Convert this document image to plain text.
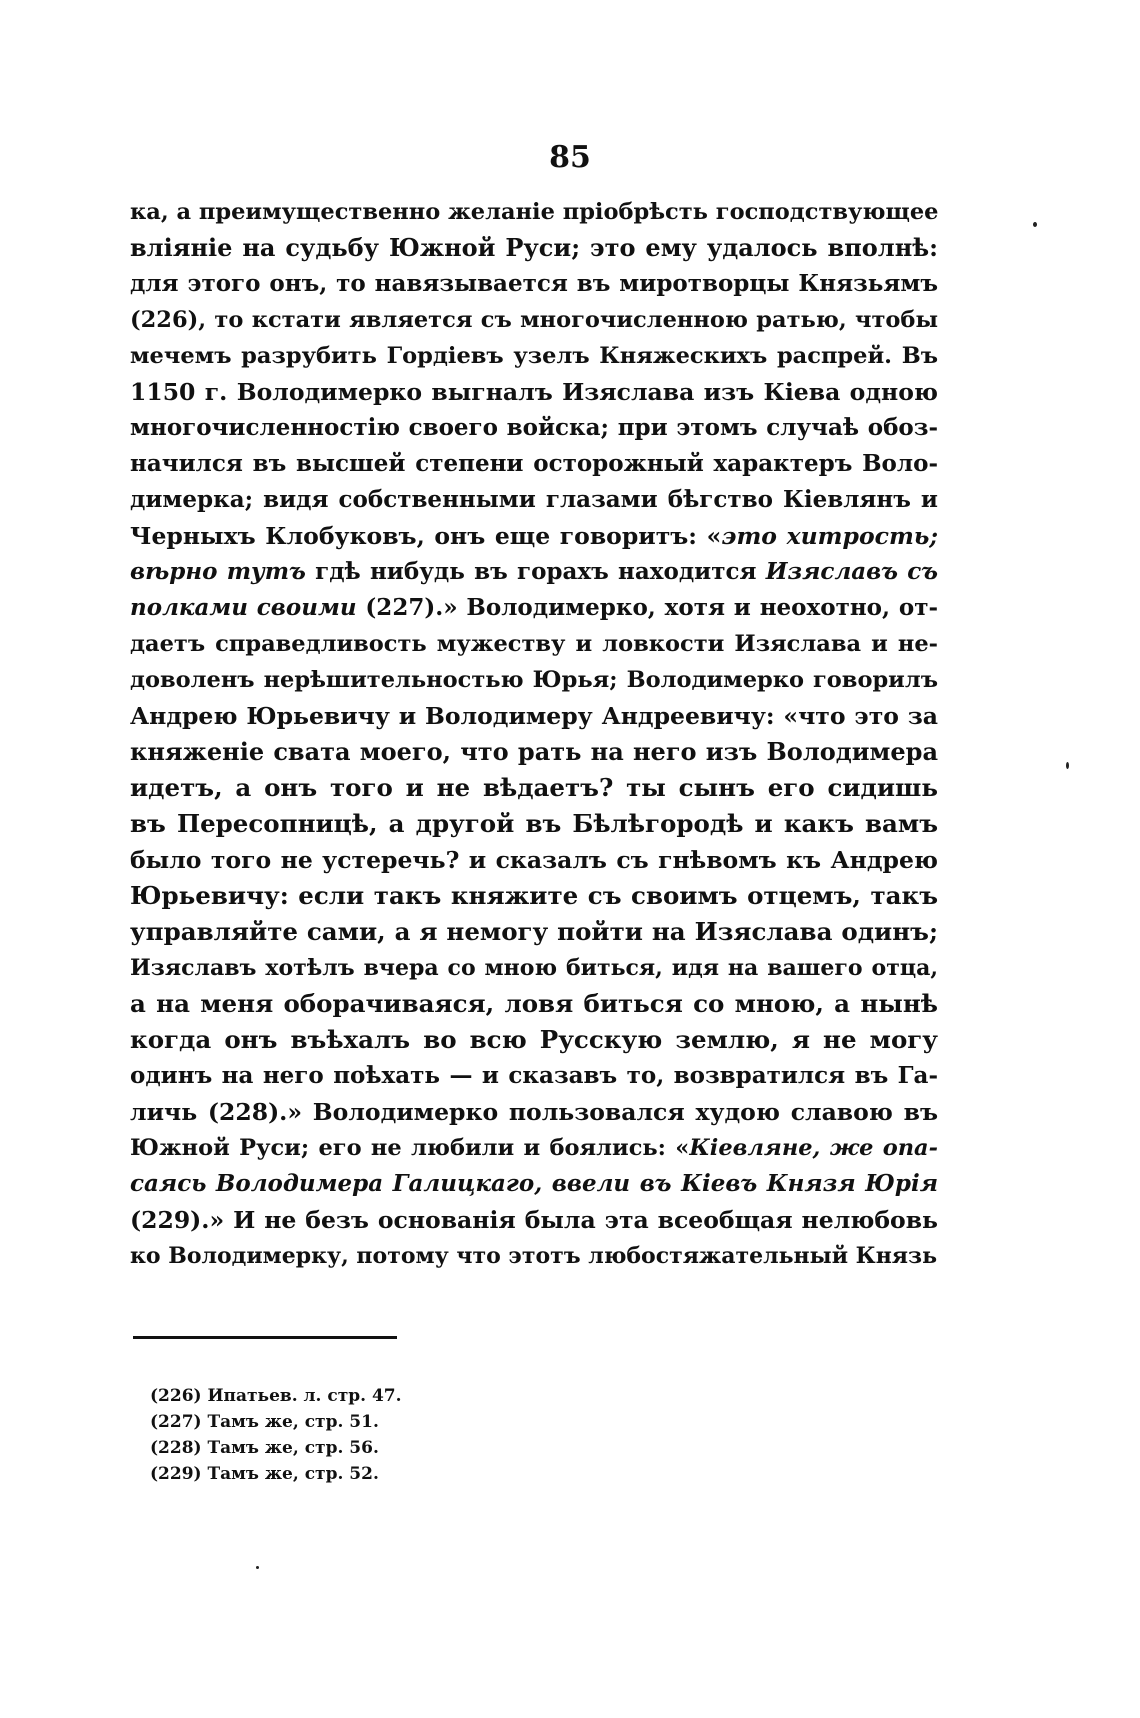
85
ка, а преимущественно желаніе пріобрѣсть господствующее
вліяніе на судьбу Южной Руси; это ему удалось вполнѣ:
для этого онъ, то навязывается въ миротворцы Князьямъ
(226), то кстати является съ многочисленною ратью, чтобы
мечемъ разрубить Гордіевъ узелъ Княжескихъ распрей. Въ
1150 г. Володимерко выгналъ Изяслава изъ Кіева одною
многочисленностію своего войска; при этомъ случаѣ обоз-
начился въ высшей степени осторожный характеръ Воло-
димерка; видя собственными глазами бѣгство Кіевлянъ и
Черныхъ Клобуковъ, онъ еще говоритъ: «это хитрость;
вѣрно тутъ гдѣ нибудь въ горахъ находится Изяславъ съ
полками своими (227).» Володимерко, хотя и неохотно, от-
даетъ справедливость мужеству и ловкости Изяслава и не-
доволенъ нерѣшительностью Юрья; Володимерко говорилъ
Андрею Юрьевичу и Володимеру Андреевичу: «что это за
княженіе свата моего, что рать на него изъ Володимера
идетъ, а онъ того и не вѣдаетъ? ты сынъ его сидишь
въ Пересопницѣ, а другой въ Бѣлѣгородѣ и какъ вамъ
было того не устеречь? и сказалъ съ гнѣвомъ къ Андрею
Юрьевичу: если такъ княжите съ своимъ отцемъ, такъ
управляйте сами, а я немогу пойти на Изяслава одинъ;
Изяславъ хотѣлъ вчера со мною биться, идя на вашего отца,
а на меня оборачиваяся, ловя биться со мною, а нынѣ
когда онъ въѣхалъ во всю Русскую землю, я не могу
одинъ на него поѣхать — и сказавъ то, возвратился въ Га-
личь (228).» Володимерко пользовался худою славою въ
Южной Руси; его не любили и боялись: «Кіевляне, же опа-
саясь Володимера Галицкаго, ввели въ Кіевъ Князя Юрія
(229).» И не безъ основанія была эта всеобщая нелюбовь
ко Володимерку, потому что этотъ любостяжательный Князь
(226) Ипатьев. л. стр. 47.
(227) Тамъ же, стр. 51.
(228) Тамъ же, стр. 56.
(229) Тамъ же, стр. 52.
